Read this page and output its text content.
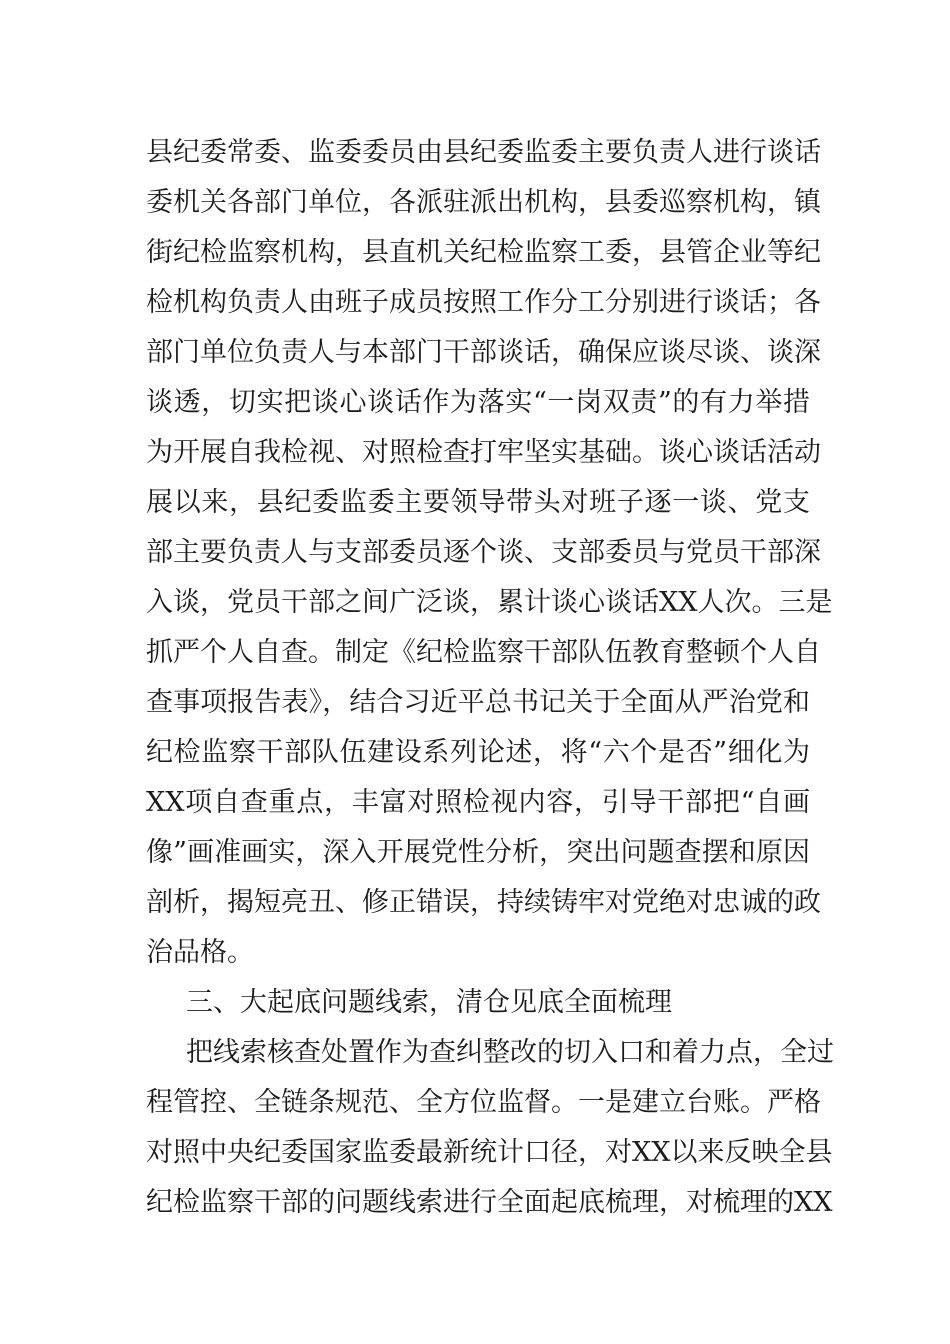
县纪委常委、监委委员由县纪委监委主要负责人进行谈话
委机关各部门单位，各派驻派出机构，县委巡察机构，镇
街纪检监察机构，县直机关纪检监察工委，县管企业等纪
检机构负责人由班子成员按照工作分工分别进行谈话；各
部门单位负责人与本部门干部谈话，确保应谈尽谈、谈深
谈透，切实把谈心谈话作为落实“一岗双责”的有力举措
为开展自我检视、对照检查打牢坚实基础。谈心谈话活动
展以来，县纪委监委主要领导带头对班子逐一谈、党支
部主要负责人与支部委员逐个谈、支部委员与党员干部深
入谈，党员干部之间广泛谈，累计谈心谈话XX人次。三是
抓严个人自查。制定《纪检监察干部队伍教育整顿个人自
查事项报告表》，结合习近平总书记关于全面从严治党和
纪检监察干部队伍建设系列论述，将“六个是否”细化为
XX项自查重点，丰富对照检视内容，引导干部把“自画
像”画准画实，深入开展党性分析，突出问题查摆和原因
剖析，揭短亮丑、修正错误，持续铸牢对党绝对忠诚的政
治品格。
三、大起底问题线索，清仓见底全面梳理
把线索核查处置作为查纠整改的切入口和着力点，全过
程管控、全链条规范、全方位监督。一是建立台账。严格
对照中央纪委国家监委最新统计口径，对XX以来反映全县
纪检监察干部的问题线索进行全面起底梳理，对梳理的XX
